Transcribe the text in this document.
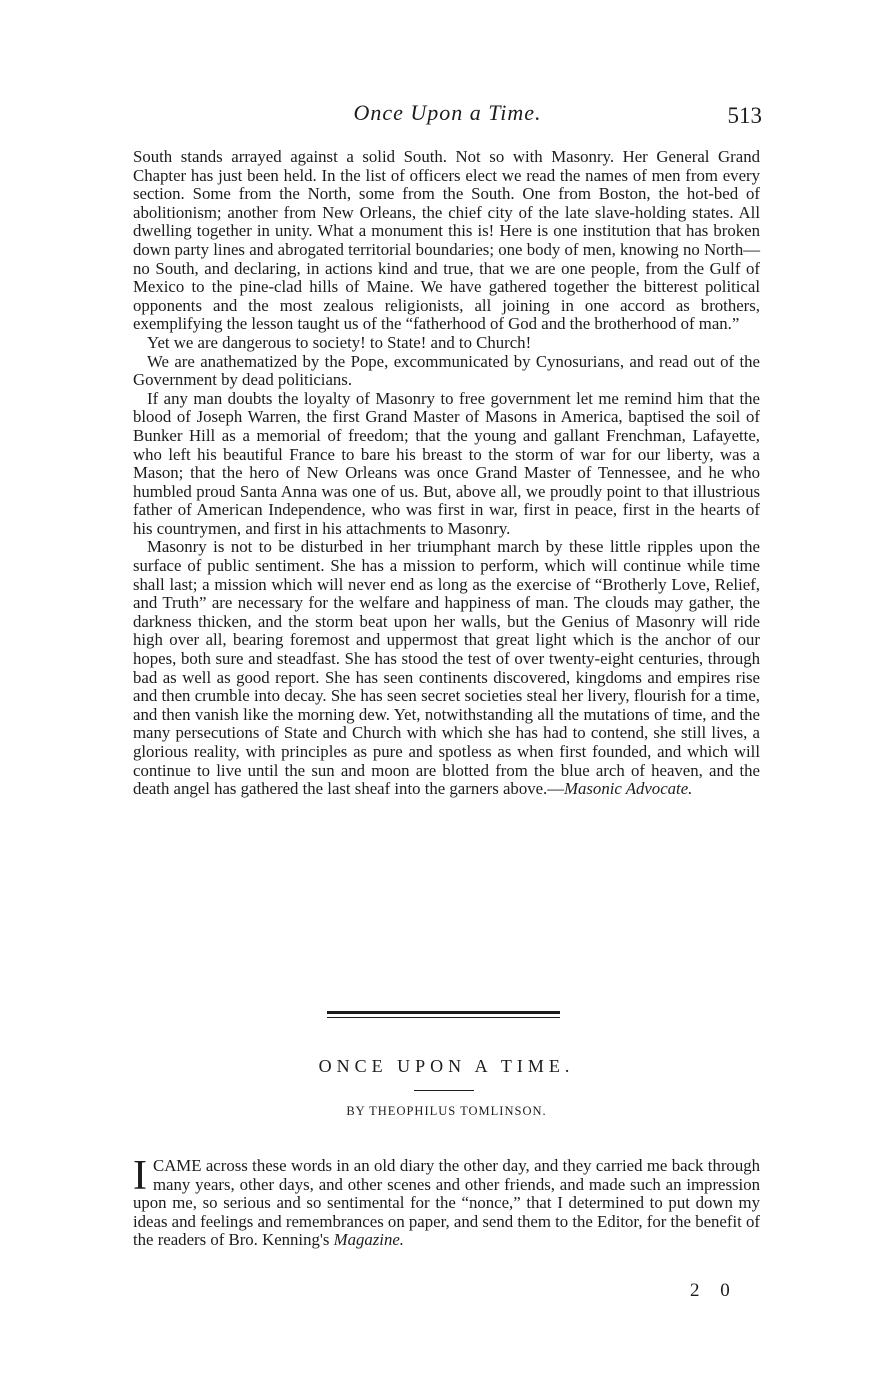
Once Upon a Time.	513

South stands arrayed against a solid South. Not so with Masonry. Her General Grand Chapter has just been held. In the list of officers elect we read the names of men from every section. Some from the North, some from the South. One from Boston, the hot-bed of abolitionism; another from New Orleans, the chief city of the late slave-holding states. All dwelling together in unity. What a monument this is! Here is one institution that has broken down party lines and abrogated territorial boundaries; one body of men, knowing no North—no South, and declaring, in actions kind and true, that we are one people, from the Gulf of Mexico to the pine-clad hills of Maine. We have gathered together the bitterest political opponents and the most zealous religionists, all joining in one accord as brothers, exemplifying the lesson taught us of the “fatherhood of God and the brotherhood of man.”

Yet we are dangerous to society! to State! and to Church!

We are anathematized by the Pope, excommunicated by Cynosurians, and read out of the Government by dead politicians.

If any man doubts the loyalty of Masonry to free government let me remind him that the blood of Joseph Warren, the first Grand Master of Masons in America, baptised the soil of Bunker Hill as a memorial of freedom; that the young and gallant Frenchman, Lafayette, who left his beautiful France to bare his breast to the storm of war for our liberty, was a Mason; that the hero of New Orleans was once Grand Master of Tennessee, and he who humbled proud Santa Anna was one of us. But, above all, we proudly point to that illustrious father of American Independence, who was first in war, first in peace, first in the hearts of his countrymen, and first in his attachments to Masonry.

Masonry is not to be disturbed in her triumphant march by these little ripples upon the surface of public sentiment. She has a mission to perform, which will continue while time shall last; a mission which will never end as long as the exercise of “Brotherly Love, Relief, and Truth” are necessary for the welfare and happiness of man. The clouds may gather, the darkness thicken, and the storm beat upon her walls, but the Genius of Masonry will ride high over all, bearing foremost and uppermost that great light which is the anchor of our hopes, both sure and steadfast. She has stood the test of over twenty-eight centuries, through bad as well as good report. She has seen continents discovered, kingdoms and empires rise and then crumble into decay. She has seen secret societies steal her livery, flourish for a time, and then vanish like the morning dew. Yet, notwithstanding all the mutations of time, and the many persecutions of State and Church with which she has had to contend, she still lives, a glorious reality, with principles as pure and spotless as when first founded, and which will continue to live until the sun and moon are blotted from the blue arch of heaven, and the death angel has gathered the last sheaf into the garners above.—Masonic Advocate.

ONCE UPON A TIME.
BY THEOPHILUS TOMLINSON.
ICAME across these words in an old diary the other day, and they carried me back through many years, other days, and other scenes and other friends, and made such an impression upon me, so serious and so sentimental for the “nonce,” that I determined to put down my ideas and feelings and remembrances on paper, and send them to the Editor, for the benefit of the readers of Bro. Kenning's Magazine.
2 0
